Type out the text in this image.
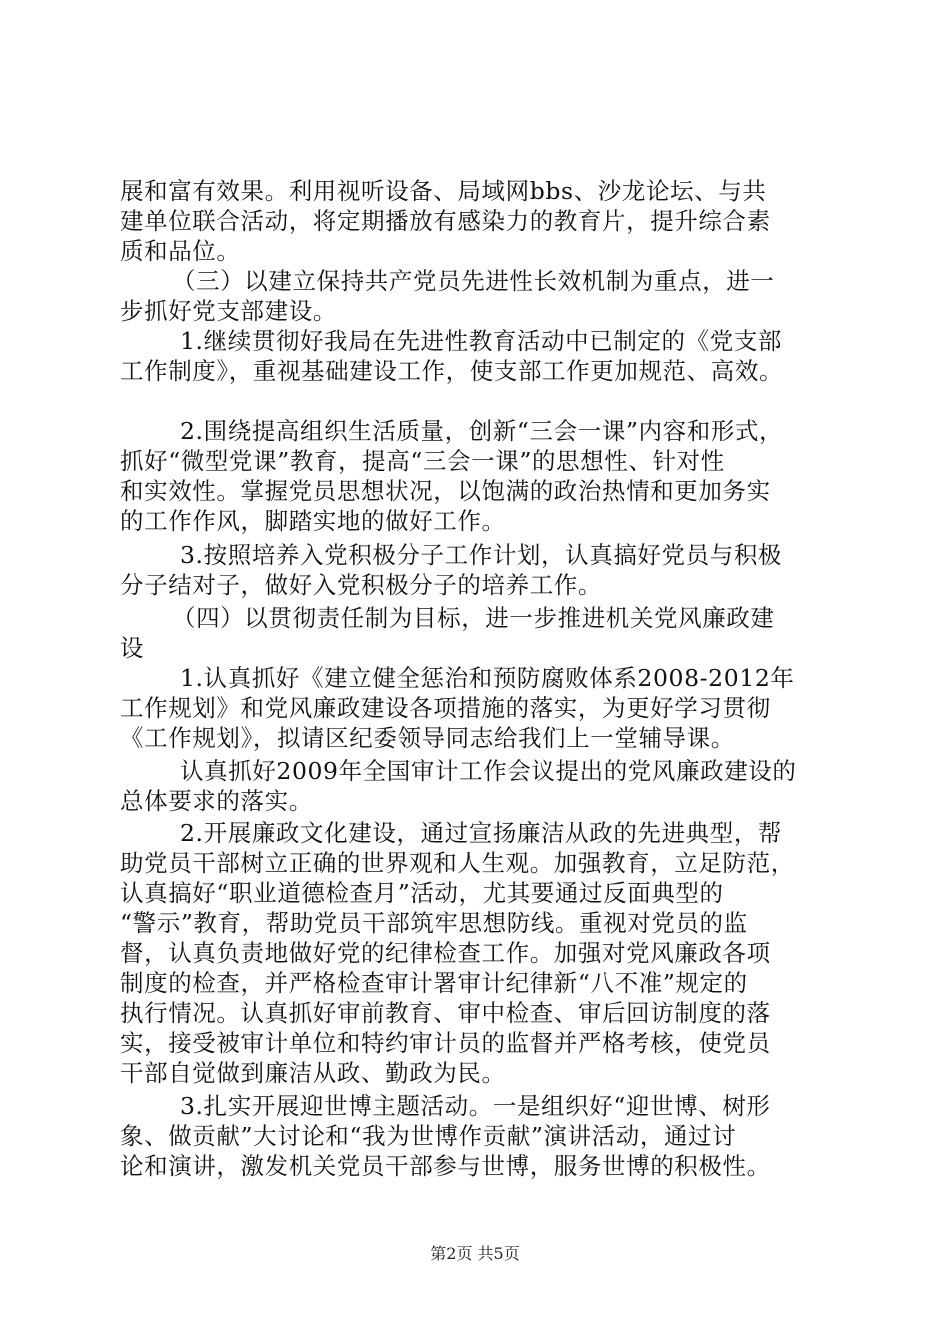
展和富有效果。利用视听设备、局域网bbs、沙龙论坛、与共
建单位联合活动，将定期播放有感染力的教育片，提升综合素
质和品位。
（三）以建立保持共产党员先进性长效机制为重点，进一
步抓好党支部建设。
1.继续贯彻好我局在先进性教育活动中已制定的《党支部
工作制度》，重视基础建设工作，使支部工作更加规范、高效。
2.围绕提高组织生活质量，创新“三会一课”内容和形式，
抓好“微型党课”教育，提高“三会一课”的思想性、针对性
和实效性。掌握党员思想状况，以饱满的政治热情和更加务实
的工作作风，脚踏实地的做好工作。
3.按照培养入党积极分子工作计划，认真搞好党员与积极
分子结对子，做好入党积极分子的培养工作。
（四）以贯彻责任制为目标，进一步推进机关党风廉政建
设
1.认真抓好《建立健全惩治和预防腐败体系2008-2012年
工作规划》和党风廉政建设各项措施的落实，为更好学习贯彻
《工作规划》，拟请区纪委领导同志给我们上一堂辅导课。
认真抓好2009年全国审计工作会议提出的党风廉政建设的
总体要求的落实。
2.开展廉政文化建设，通过宣扬廉洁从政的先进典型，帮
助党员干部树立正确的世界观和人生观。加强教育，立足防范，
认真搞好“职业道德检查月”活动，尤其要通过反面典型的
“警示”教育，帮助党员干部筑牢思想防线。重视对党员的监
督，认真负责地做好党的纪律检查工作。加强对党风廉政各项
制度的检查，并严格检查审计署审计纪律新“八不准”规定的
执行情况。认真抓好审前教育、审中检查、审后回访制度的落
实，接受被审计单位和特约审计员的监督并严格考核，使党员
干部自觉做到廉洁从政、勤政为民。
3.扎实开展迎世博主题活动。一是组织好“迎世博、树形
象、做贡献”大讨论和“我为世博作贡献”演讲活动，通过讨
论和演讲，激发机关党员干部参与世博，服务世博的积极性。
第2页 共5页
